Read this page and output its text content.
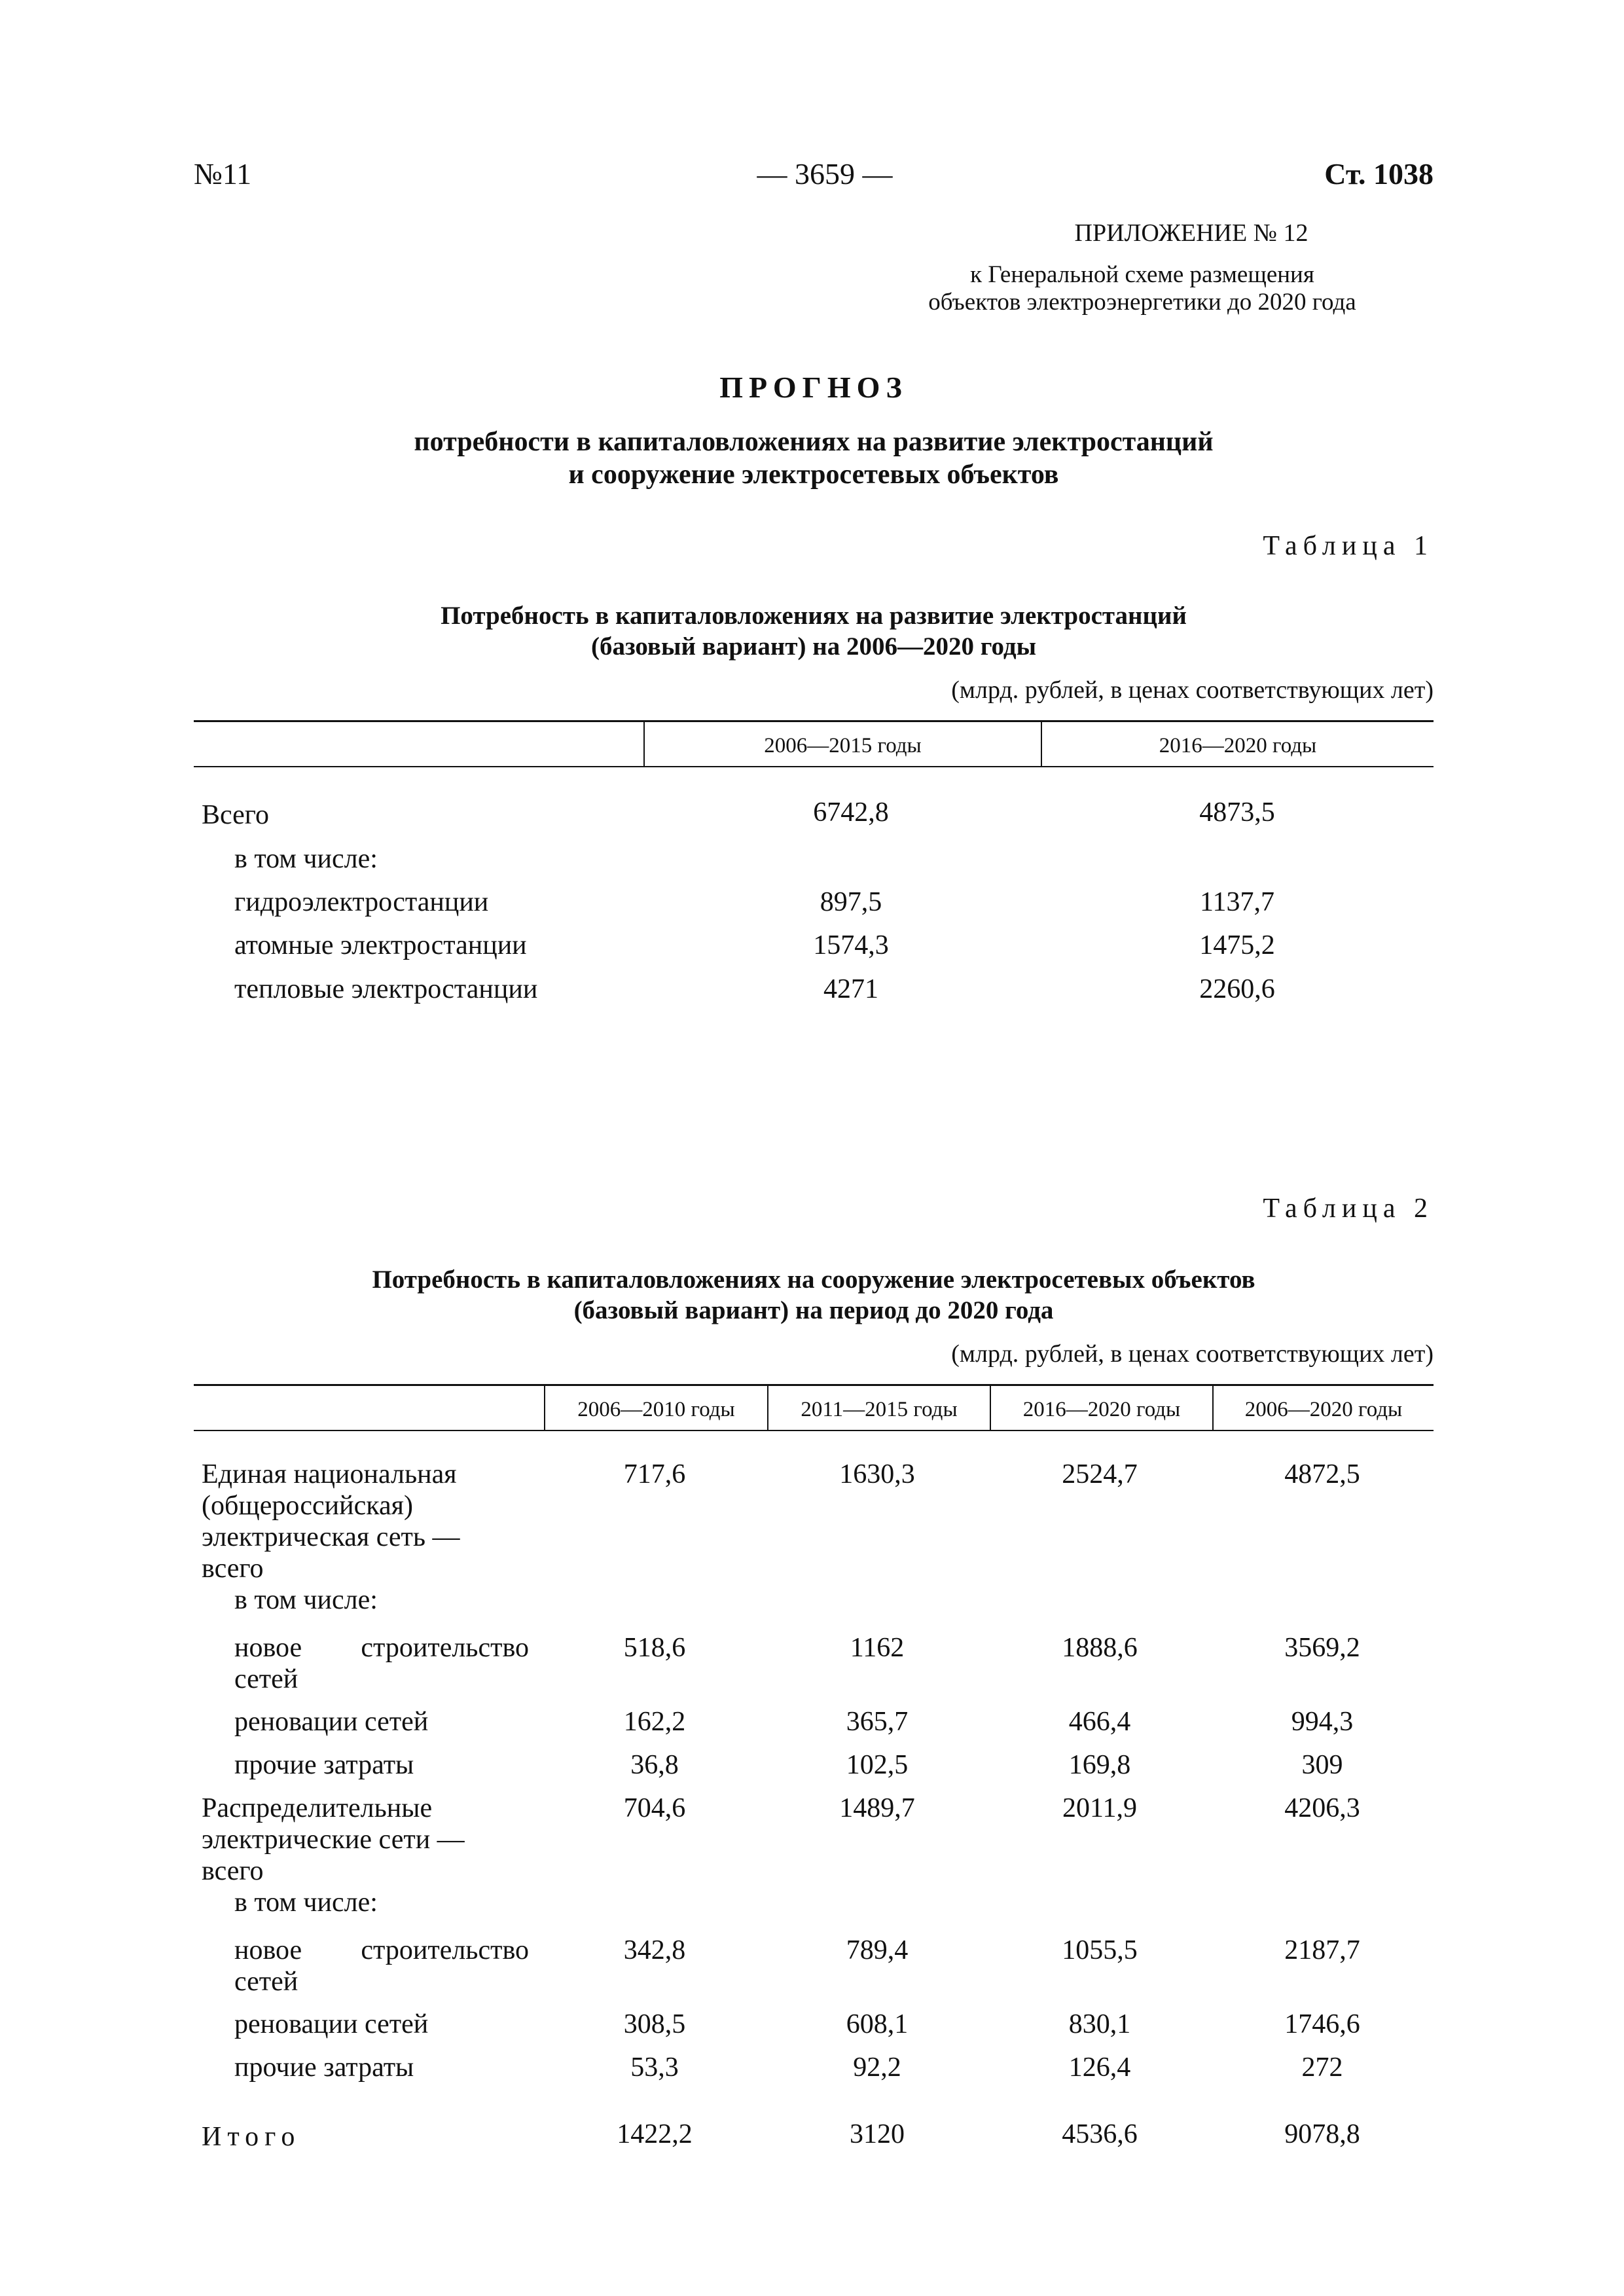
№11	— 3659 —	Ст. 1038
ПРИЛОЖЕНИЕ № 12
к Генеральной схеме размещения
объектов электроэнергетики до 2020 года
ПРОГНОЗ
потребности в капиталовложениях на развитие электростанций
и сооружение электросетевых объектов
Таблица 1
Потребность в капиталовложениях на развитие электростанций
(базовый вариант) на 2006—2020 годы
(млрд. рублей, в ценах соответствующих лет)
2006—2015 годы	2016—2020 годы
Всего	6742,8	4873,5
в том числе:
гидроэлектростанции	897,5	1137,7
атомные электростанции	1574,3	1475,2
тепловые электростанции	4271	2260,6
Таблица 2
Потребность в капиталовложениях на сооружение электросетевых объектов
(базовый вариант) на период до 2020 года
(млрд. рублей, в ценах соответствующих лет)
2006—2010 годы	2011—2015 годы	2016—2020 годы	2006—2020 годы
Единая национальная
(общероссийская)
электрическая сеть —
всего
717,6	1630,3	2524,7	4872,5
в том числе:
новое строительство
сетей
518,6	1162	1888,6	3569,2
реновации сетей	162,2	365,7	466,4	994,3
прочие затраты	36,8	102,5	169,8	309
Распределительные
электрические сети —
всего
704,6	1489,7	2011,9	4206,3
в том числе:
новое строительство
сетей
342,8	789,4	1055,5	2187,7
реновации сетей	308,5	608,1	830,1	1746,6
прочие затраты	53,3	92,2	126,4	272
Итого	1422,2	3120	4536,6	9078,8
